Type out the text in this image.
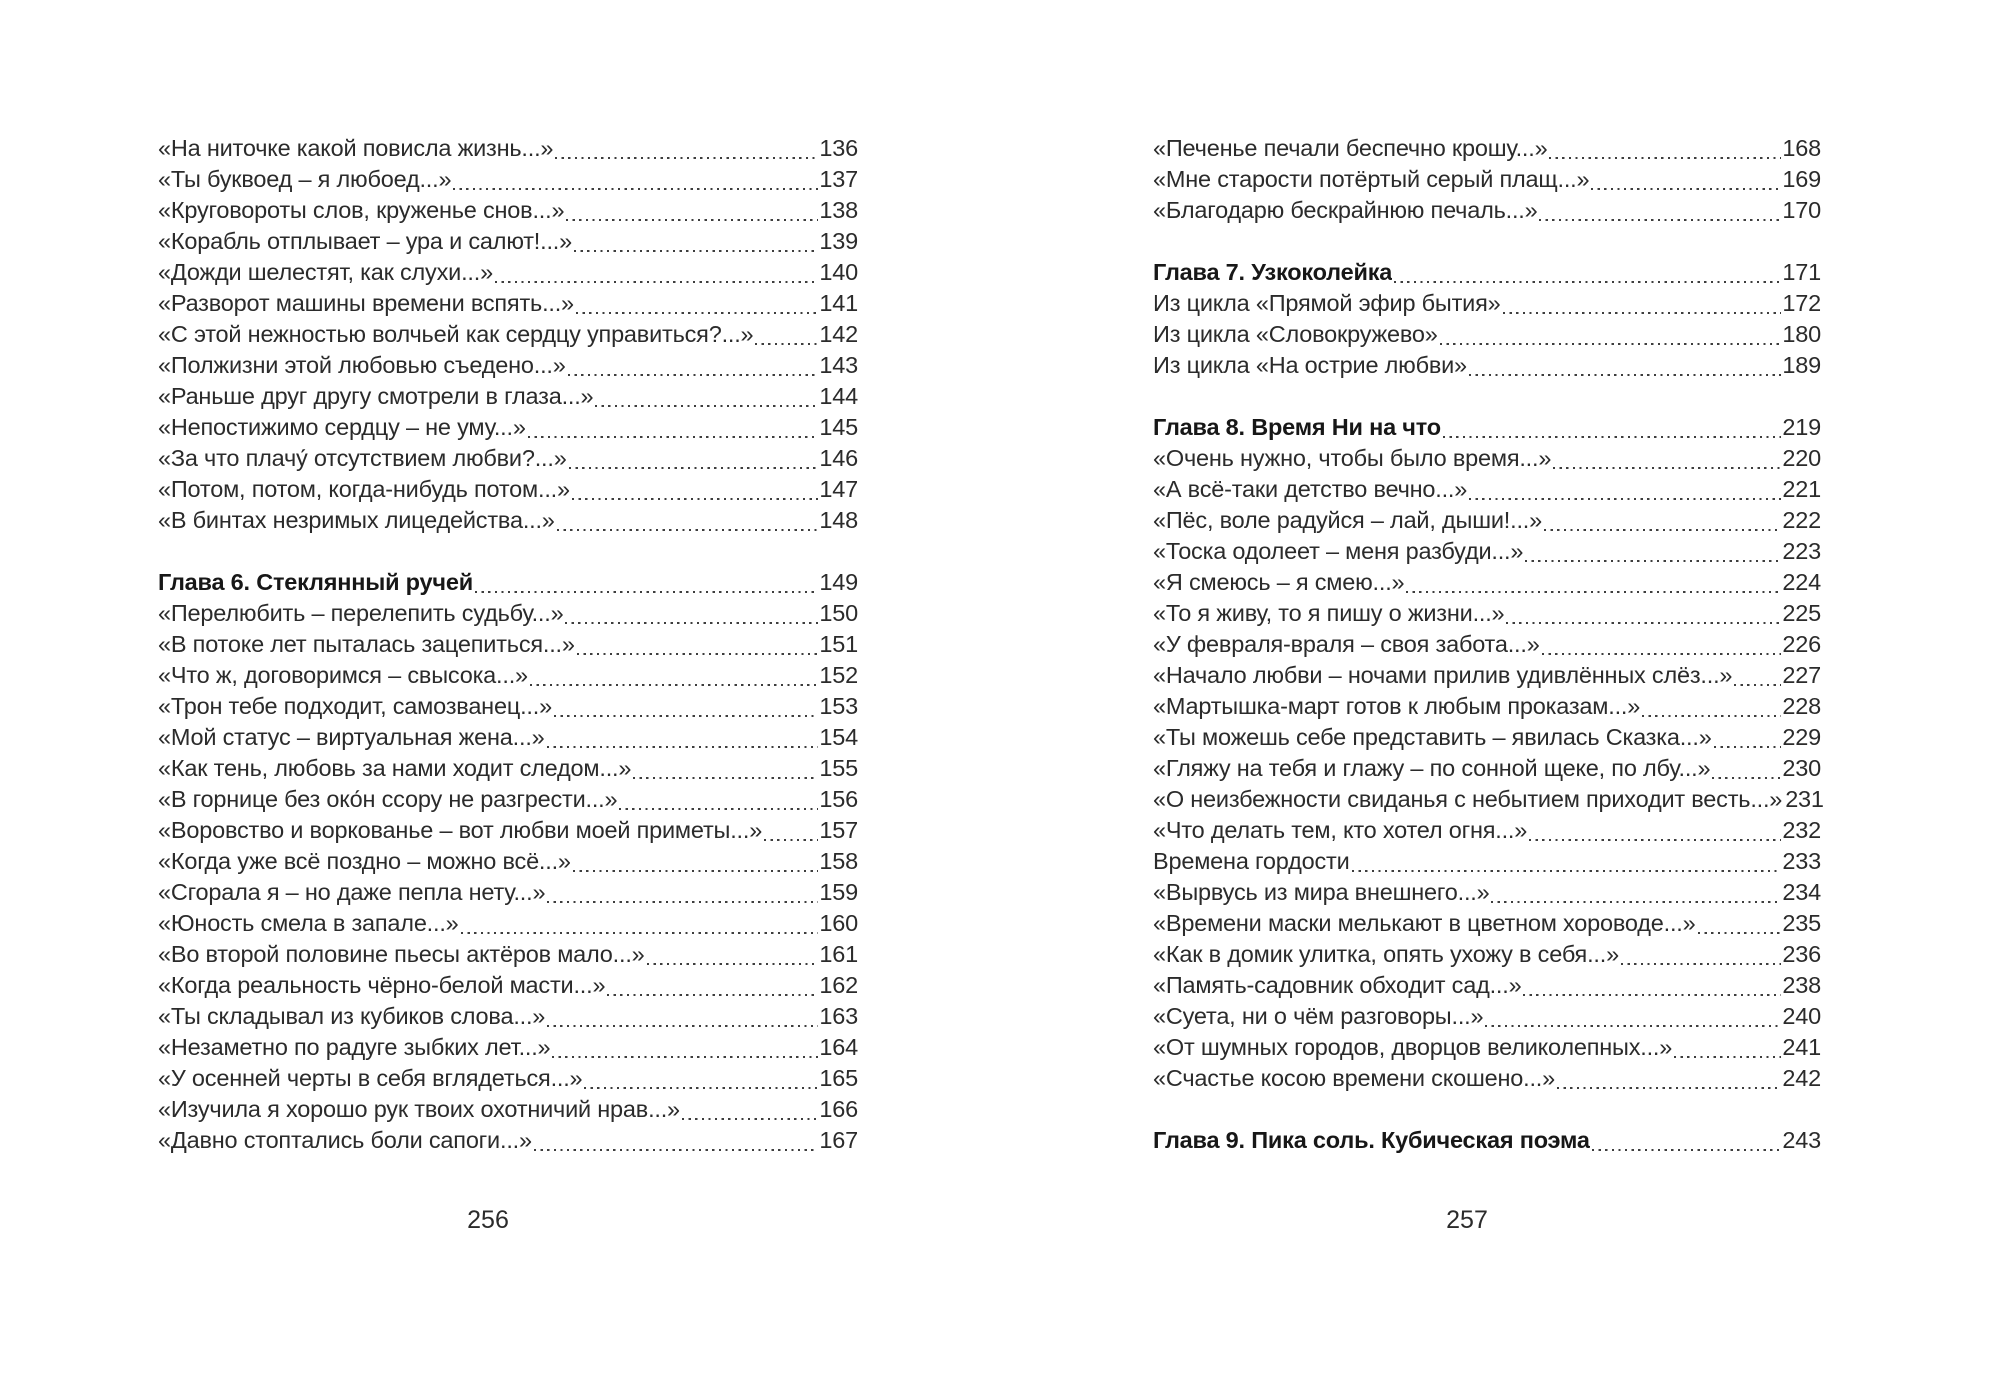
«На ниточке какой повисла жизнь...»	136
«Ты буквоед – я любоед...»	137
«Круговороты слов, круженье снов...»	138
«Корабль отплывает – ура и салют!...»	139
«Дожди шелестят, как слухи...»	140
«Разворот машины времени вспять...»	141
«С этой нежностью волчьей как сердцу управиться?...»	142
«Полжизни этой любовью съедено...»	143
«Раньше друг другу смотрели в глаза...»	144
«Непостижимо сердцу – не уму...»	145
«За что плачу́ отсутствием любви?...»	146
«Потом, потом, когда-нибудь потом...»	147
«В бинтах незримых лицедейства...»	148
Глава 6. Стеклянный ручей	149
«Перелюбить – перелепить судьбу...»	150
«В потоке лет пыталась зацепиться...»	151
«Что ж, договоримся – свысока...»	152
«Трон тебе подходит, самозванец...»	153
«Мой статус – виртуальная жена...»	154
«Как тень, любовь за нами ходит следом...»	155
«В горнице без око́н ссору не разгрести...»	156
«Воровство и воркованье – вот любви моей приметы...» 157
«Когда уже всё поздно – можно всё...»	158
«Сгорала я – но даже пепла нету...»	159
«Юность смела в запале...»	160
«Во второй половине пьесы актёров мало...»	161
«Когда реальность чёрно-белой масти...»	162
«Ты складывал из кубиков слова...»	163
«Незаметно по радуге зыбких лет...»	164
«У осенней черты в себя вглядеться...»	165
«Изучила я хорошо рук твоих охотничий нрав...»	166
«Давно стоптались боли сапоги...»	167
256
«Печенье печали беспечно крошу...»	168
«Мне старости потёртый серый плащ...»	169
«Благодарю бескрайнюю печаль...»	170
Глава 7. Узкоколейка	171
Из цикла «Прямой эфир бытия»	172
Из цикла «Словокружево»	180
Из цикла «На острие любви»	189
Глава 8. Время Ни на что	219
«Очень нужно, чтобы было время...»	220
«А всё-таки детство вечно...»	221
«Пёс, воле радуйся – лай, дыши!...»	222
«Тоска одолеет – меня разбуди...»	223
«Я смеюсь – я смею...»	224
«То я живу, то я пишу о жизни...»	225
«У февраля-враля – своя забота...»	226
«Начало любви – ночами прилив удивлённых слёз...» 227
«Мартышка-март готов к любым проказам...»	228
«Ты можешь себе представить – явилась Сказка...»	229
«Гляжу на тебя и глажу – по сонной щеке, по лбу...»	230
«О неизбежности свиданья с небытием приходит весть...» 231
«Что делать тем, кто хотел огня...»	232
Времена гордости	233
«Вырвусь из мира внешнего...»	234
«Времени маски мелькают в цветном хороводе...»	235
«Как в домик улитка, опять ухожу в себя...»	236
«Память-садовник обходит сад...»	238
«Суета, ни о чём разговоры...»	240
«От шумных городов, дворцов великолепных...»	241
«Счастье косою времени скошено...»	242
Глава 9. Пика соль. Кубическая поэма	243
257
